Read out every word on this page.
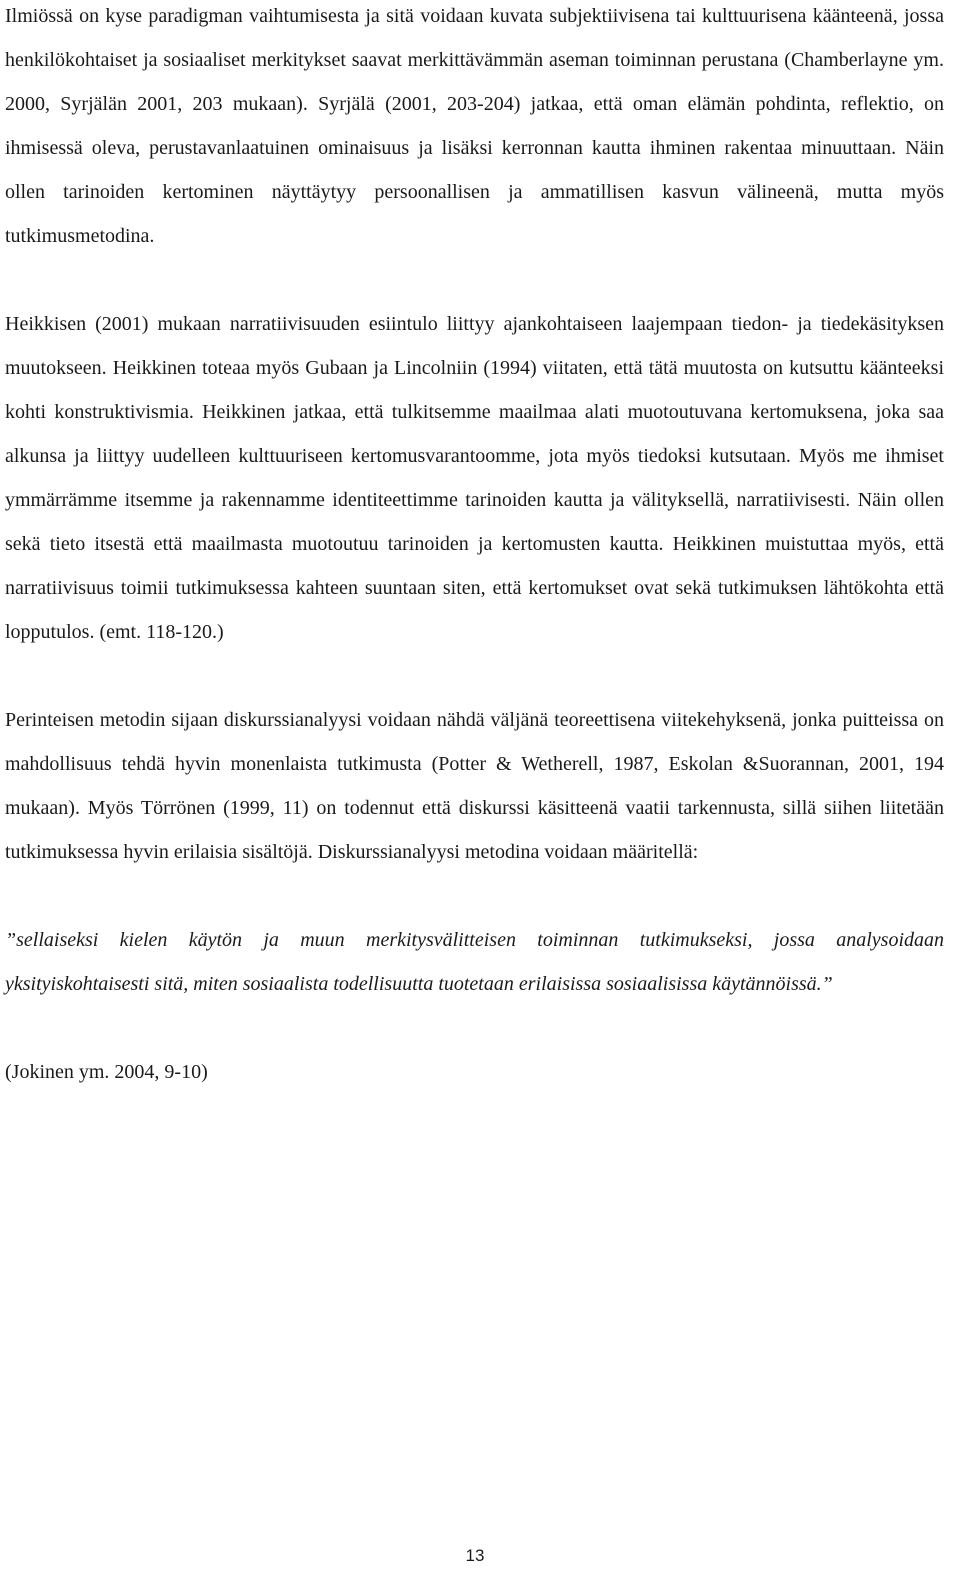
Ilmiössä on kyse paradigman vaihtumisesta ja sitä voidaan kuvata subjektiivisena tai kulttuurisena käänteenä, jossa henkilökohtaiset ja sosiaaliset merkitykset saavat merkittävämmän aseman toiminnan perustana (Chamberlayne ym. 2000, Syrjälän 2001, 203 mukaan). Syrjälä (2001, 203-204) jatkaa, että oman elämän pohdinta, reflektio, on ihmisessä oleva, perustavanlaatuinen ominaisuus ja lisäksi kerronnan kautta ihminen rakentaa minuuttaan. Näin ollen tarinoiden kertominen näyttäytyy persoonallisen ja ammatillisen kasvun välineenä, mutta myös tutkimusmetodina.

Heikkisen (2001) mukaan narratiivisuuden esiintulo liittyy ajankohtaiseen laajempaan tiedon- ja tiedekäsityksen muutokseen. Heikkinen toteaa myös Gubaan ja Lincolniin (1994) viitaten, että tätä muutosta on kutsuttu käänteeksi kohti konstruktivismia. Heikkinen jatkaa, että tulkitsemme maailmaa alati muotoutuvana kertomuksena, joka saa alkunsa ja liittyy uudelleen kulttuuriseen kertomusvarantoomme, jota myös tiedoksi kutsutaan. Myös me ihmiset ymmärrämme itsemme ja rakennamme identiteettimme tarinoiden kautta ja välityksellä, narratiivisesti. Näin ollen sekä tieto itsestä että maailmasta muotoutuu tarinoiden ja kertomusten kautta. Heikkinen muistuttaa myös, että narratiivisuus toimii tutkimuksessa kahteen suuntaan siten, että kertomukset ovat sekä tutkimuksen lähtökohta että lopputulos. (emt. 118-120.)

Perinteisen metodin sijaan diskurssianalyysi voidaan nähdä väljänä teoreettisena viitekehyksenä, jonka puitteissa on mahdollisuus tehdä hyvin monenlaista tutkimusta (Potter & Wetherell, 1987, Eskolan &Suorannan, 2001, 194 mukaan). Myös Törrönen (1999, 11) on todennut että diskurssi käsitteenä vaatii tarkennusta, sillä siihen liitetään tutkimuksessa hyvin erilaisia sisältöjä. Diskurssianalyysi metodina voidaan määritellä:

”sellaiseksi kielen käytön ja muun merkitysvälitteisen toiminnan tutkimukseksi, jossa analysoidaan yksityiskohtaisesti sitä, miten sosiaalista todellisuutta tuotetaan erilaisissa sosiaalisissa käytännöissä.”

(Jokinen ym. 2004, 9-10)

13
